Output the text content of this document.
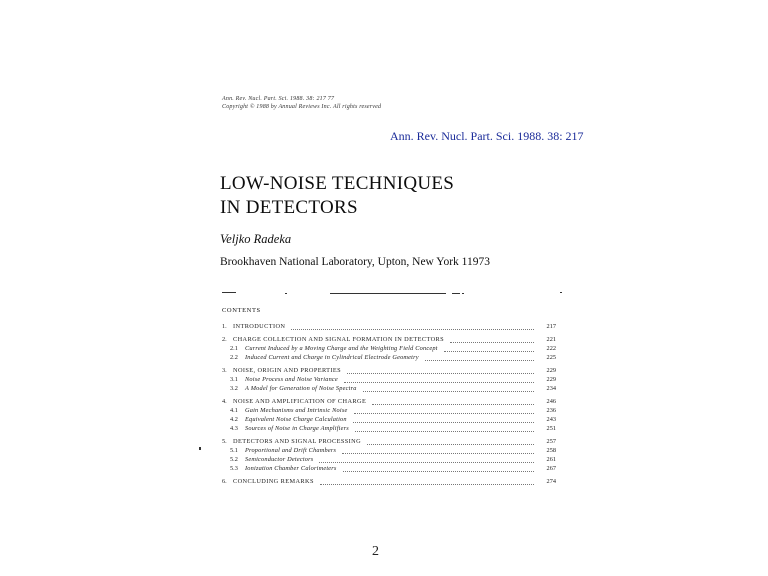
Ann. Rev. Nucl. Part. Sci. 1988. 38: 217 77
Copyright © 1988 by Annual Reviews Inc. All rights reserved
Ann. Rev. Nucl. Part. Sci. 1988. 38: 217
LOW-NOISE TECHNIQUES
IN DETECTORS
Veljko Radeka
Brookhaven National Laboratory, Upton, New York 11973
CONTENTS
1. INTRODUCTION	217
2. CHARGE COLLECTION AND SIGNAL FORMATION IN DETECTORS	221
2.1	Current Induced by a Moving Charge and the Weighting Field Concept	222
2.2	Induced Current and Charge in Cylindrical Electrode Geometry	225
3. NOISE, ORIGIN AND PROPERTIES	229
3.1	Noise Process and Noise Variance	229
3.2	A Model for Generation of Noise Spectra	234
4. NOISE AND AMPLIFICATION OF CHARGE	246
4.1	Gain Mechanisms and Intrinsic Noise	236
4.2	Equivalent Noise Charge Calculation	243
4.3	Sources of Noise in Charge Amplifiers	251
5. DETECTORS AND SIGNAL PROCESSING	257
5.1	Proportional and Drift Chambers	258
5.2	Semiconductor Detectors	261
5.3	Ionization Chamber Calorimeters	267
6. CONCLUDING REMARKS	274
2
